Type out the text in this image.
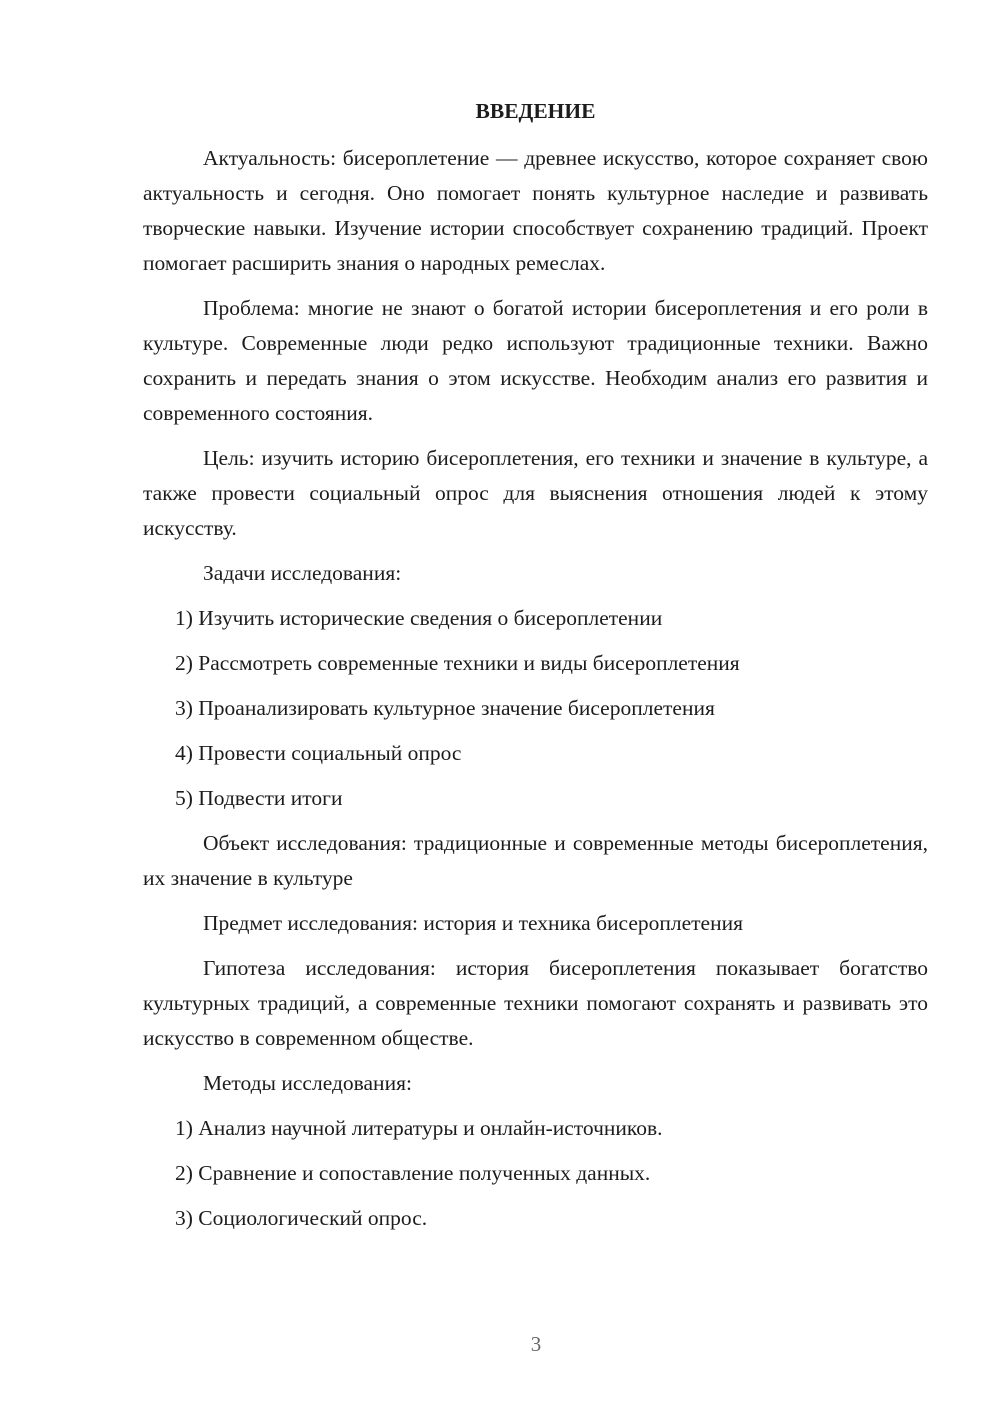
ВВЕДЕНИЕ

Актуальность: бисероплетение — древнее искусство, которое сохраняет свою актуальность и сегодня. Оно помогает понять культурное наследие и развивать творческие навыки. Изучение истории способствует сохранению традиций. Проект помогает расширить знания о народных ремеслах.

Проблема: многие не знают о богатой истории бисероплетения и его роли в культуре. Современные люди редко используют традиционные техники. Важно сохранить и передать знания о этом искусстве. Необходим анализ его развития и современного состояния.

Цель: изучить историю бисероплетения, его техники и значение в культуре, а также провести социальный опрос для выяснения отношения людей к этому искусству.

Задачи исследования:

1) Изучить исторические сведения о бисероплетении
2) Рассмотреть современные техники и виды бисероплетения
3) Проанализировать культурное значение бисероплетения
4) Провести социальный опрос
5) Подвести итоги

Объект исследования: традиционные и современные методы бисероплетения, их значение в культуре

Предмет исследования: история и техника бисероплетения

Гипотеза исследования: история бисероплетения показывает богатство культурных традиций, а современные техники помогают сохранять и развивать это искусство в современном обществе.

Методы исследования:

1) Анализ научной литературы и онлайн-источников.
2) Сравнение и сопоставление полученных данных.
3) Социологический опрос.
3
